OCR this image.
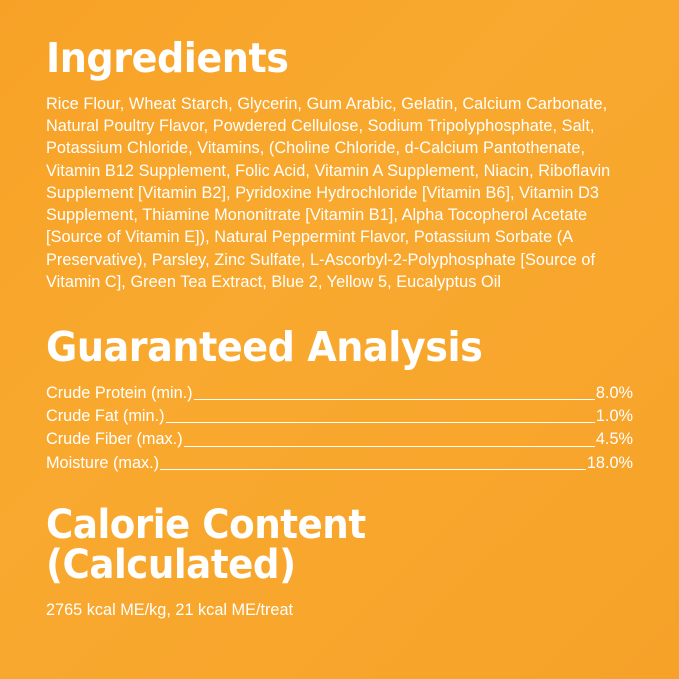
Ingredients

Rice Flour, Wheat Starch, Glycerin, Gum Arabic, Gelatin, Calcium Carbonate, Natural Poultry Flavor, Powdered Cellulose, Sodium Tripolyphosphate, Salt, Potassium Chloride, Vitamins, (Choline Chloride, d-Calcium Pantothenate, Vitamin B12 Supplement, Folic Acid, Vitamin A Supplement, Niacin, Riboflavin Supplement [Vitamin B2], Pyridoxine Hydrochloride [Vitamin B6], Vitamin D3 Supplement, Thiamine Mononitrate [Vitamin B1], Alpha Tocopherol Acetate [Source of Vitamin E]), Natural Peppermint Flavor, Potassium Sorbate (A Preservative), Parsley, Zinc Sulfate, L-Ascorbyl-2-Polyphosphate [Source of Vitamin C], Green Tea Extract, Blue 2, Yellow 5, Eucalyptus Oil

Guaranteed Analysis
Crude Protein (min.)	8.0%
Crude Fat (min.)	1.0%
Crude Fiber (max.)	4.5%
Moisture (max.)	18.0%
Calorie Content (Calculated)

2765 kcal ME/kg, 21 kcal ME/treat
